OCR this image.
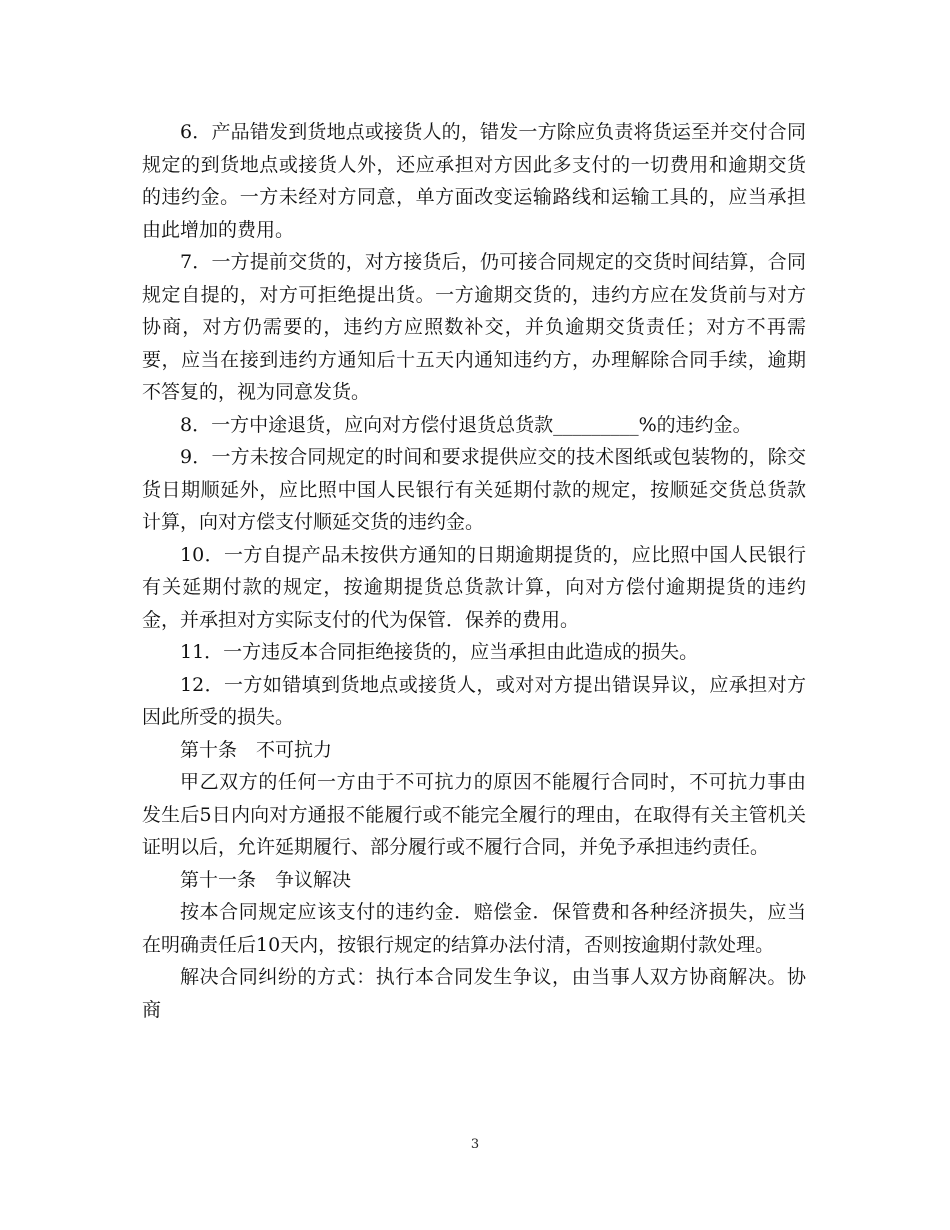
6．产品错发到货地点或接货人的，错发一方除应负责将货运至并交付合同规定的到货地点或接货人外，还应承担对方因此多支付的一切费用和逾期交货的违约金。一方未经对方同意，单方面改变运输路线和运输工具的，应当承担由此增加的费用。

7．一方提前交货的，对方接货后，仍可接合同规定的交货时间结算，合同规定自提的，对方可拒绝提出货。一方逾期交货的，违约方应在发货前与对方协商，对方仍需要的，违约方应照数补交，并负逾期交货责任；对方不再需要，应当在接到违约方通知后十五天内通知违约方，办理解除合同手续，逾期不答复的，视为同意发货。

8．一方中途退货，应向对方偿付退货总货款_________%的违约金。

9．一方未按合同规定的时间和要求提供应交的技术图纸或包装物的，除交货日期顺延外，应比照中国人民银行有关延期付款的规定，按顺延交货总货款计算，向对方偿支付顺延交货的违约金。

10．一方自提产品未按供方通知的日期逾期提货的，应比照中国人民银行有关延期付款的规定，按逾期提货总货款计算，向对方偿付逾期提货的违约金，并承担对方实际支付的代为保管．保养的费用。

11．一方违反本合同拒绝接货的，应当承担由此造成的损失。

12．一方如错填到货地点或接货人，或对对方提出错误异议，应承担对方因此所受的损失。

第十条　不可抗力

甲乙双方的任何一方由于不可抗力的原因不能履行合同时，不可抗力事由发生后5日内向对方通报不能履行或不能完全履行的理由，在取得有关主管机关证明以后，允许延期履行、部分履行或不履行合同，并免予承担违约责任。

第十一条　争议解决

按本合同规定应该支付的违约金．赔偿金．保管费和各种经济损失，应当在明确责任后10天内，按银行规定的结算办法付清，否则按逾期付款处理。

解决合同纠纷的方式：执行本合同发生争议，由当事人双方协商解决。协商

3
